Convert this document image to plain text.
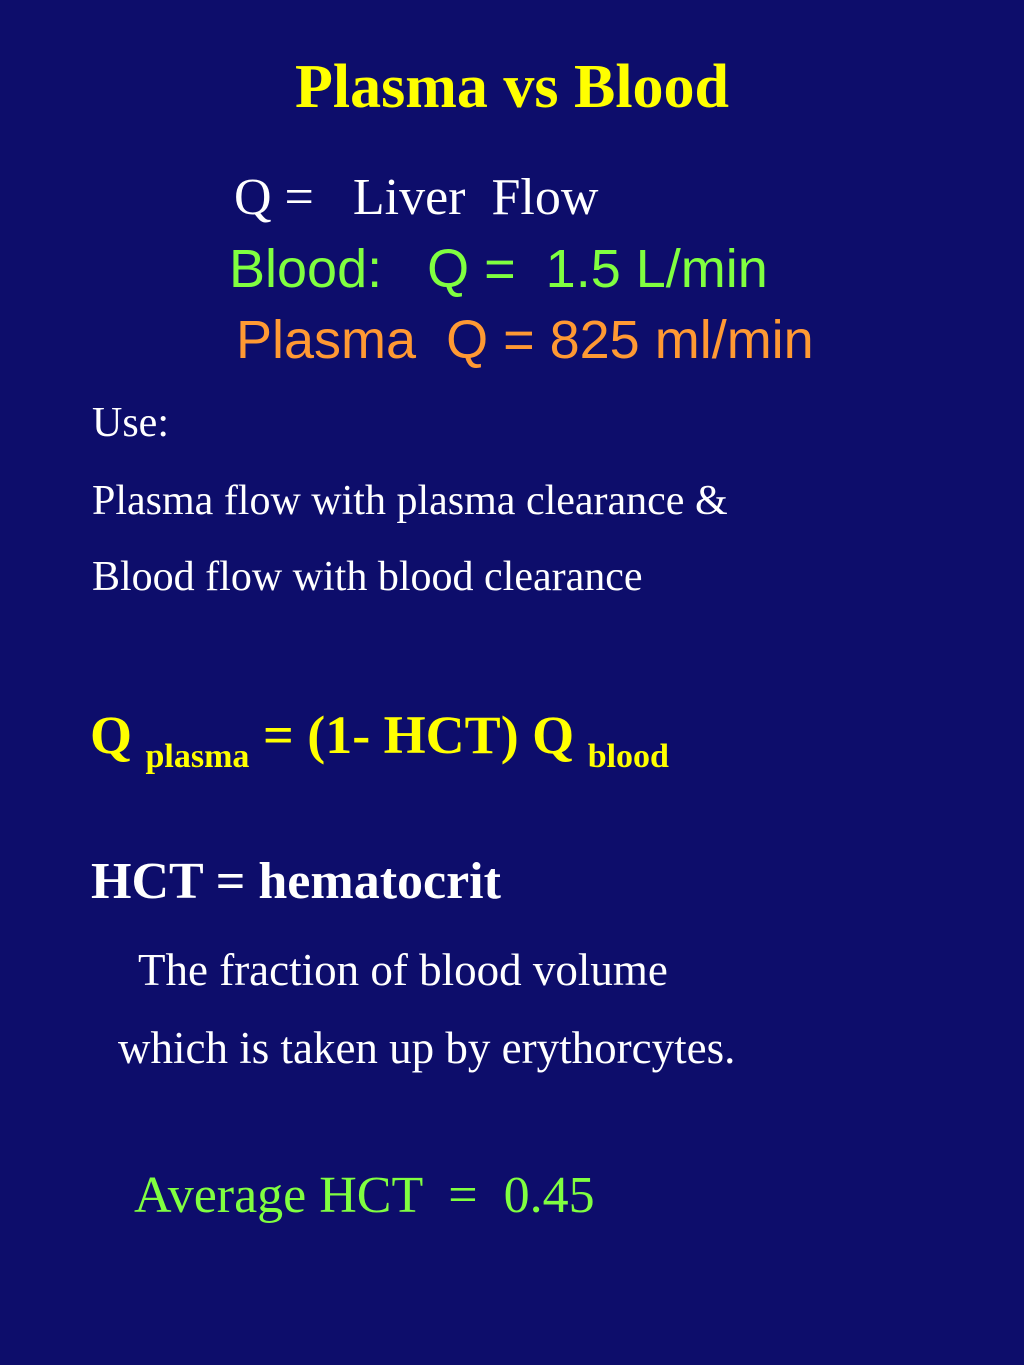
Plasma vs Blood
Q =   Liver  Flow
Blood:   Q =  1.5 L/min
Plasma  Q = 825 ml/min
Use:
Plasma flow with plasma clearance &
Blood flow with blood clearance
Q $_{plasma}$ = (1- HCT) Q $_{blood}$
HCT = hematocrit
The fraction of blood volume
which is taken up by erythorcytes.
Average HCT  =  0.45
